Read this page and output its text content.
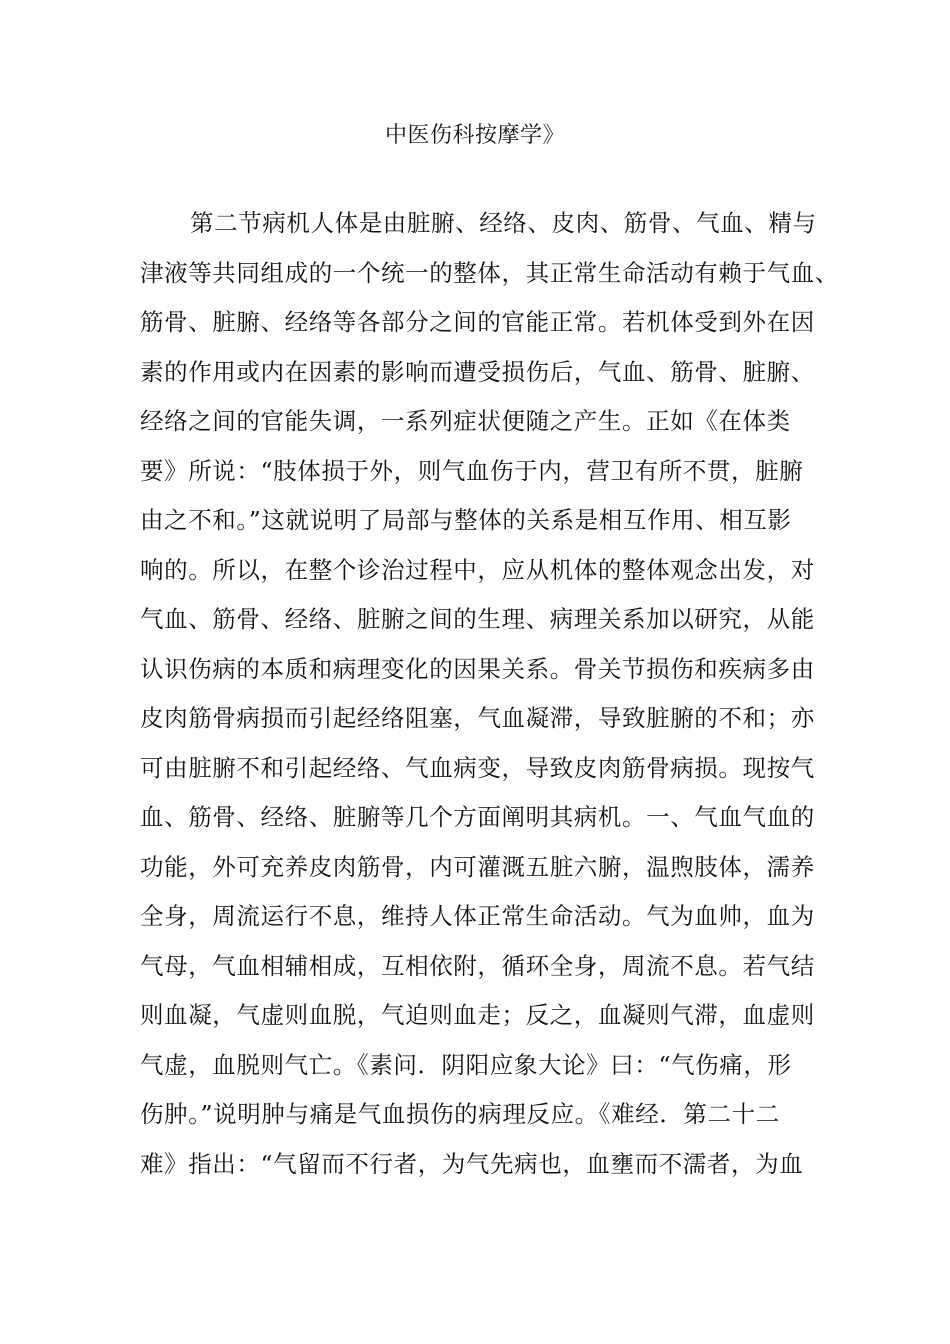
中医伤科按摩学》
第二节病机人体是由脏腑、经络、皮肉、筋骨、气血、精与
津液等共同组成的一个统一的整体，其正常生命活动有赖于气血、
筋骨、脏腑、经络等各部分之间的官能正常。若机体受到外在因
素的作用或内在因素的影响而遭受损伤后，气血、筋骨、脏腑、
经络之间的官能失调，一系列症状便随之产生。正如《在体类
要》所说：“肢体损于外，则气血伤于内，营卫有所不贯，脏腑
由之不和。”这就说明了局部与整体的关系是相互作用、相互影
响的。所以，在整个诊治过程中，应从机体的整体观念出发，对
气血、筋骨、经络、脏腑之间的生理、病理关系加以研究，从能
认识伤病的本质和病理变化的因果关系。骨关节损伤和疾病多由
皮肉筋骨病损而引起经络阻塞，气血凝滞，导致脏腑的不和；亦
可由脏腑不和引起经络、气血病变，导致皮肉筋骨病损。现按气
血、筋骨、经络、脏腑等几个方面阐明其病机。一、气血气血的
功能，外可充养皮肉筋骨，内可灌溉五脏六腑，温煦肢体，濡养
全身，周流运行不息，维持人体正常生命活动。气为血帅，血为
气母，气血相辅相成，互相依附，循环全身，周流不息。若气结
则血凝，气虚则血脱，气迫则血走；反之，血凝则气滞，血虚则
气虚，血脱则气亡。《素问．阴阳应象大论》曰：“气伤痛，形
伤肿。”说明肿与痛是气血损伤的病理反应。《难经．第二十二
难》指出：“气留而不行者，为气先病也，血壅而不濡者，为血
